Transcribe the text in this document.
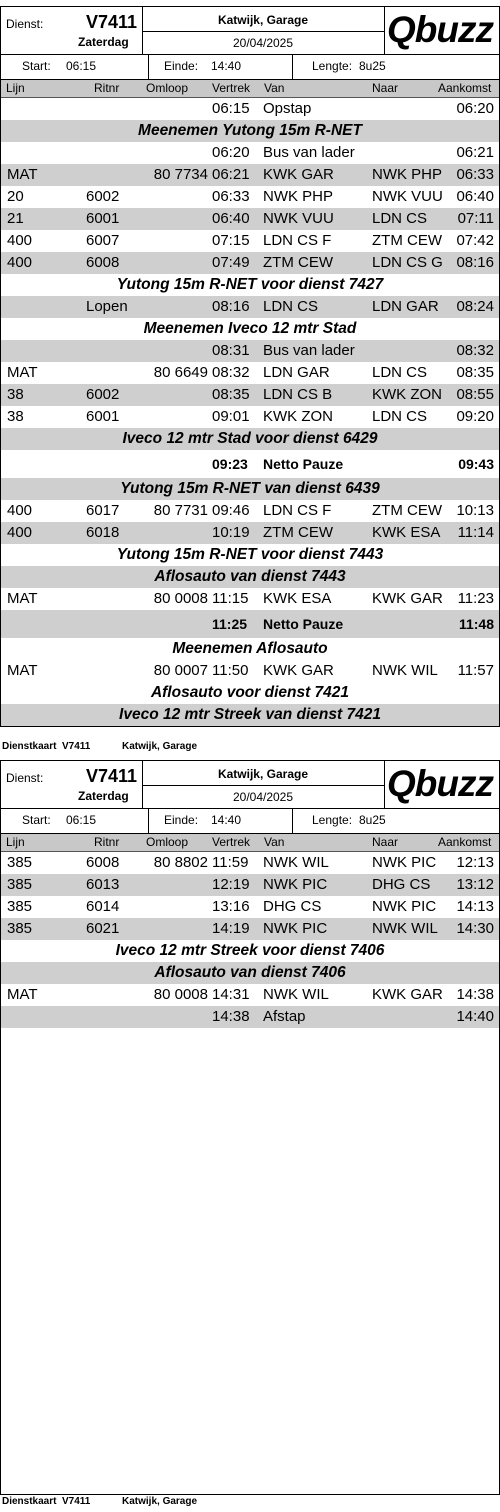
Dienst: V7411
Zaterdag
Katwijk, Garage
20/04/2025	Qbuzz
Start: 06:15	Einde: 14:40	Lengte: 8u25
Lijn	Ritnr Omloop Vertrek Van	Naar	Aankomst
06:15 Opstap	06:20
Meenemen Yutong 15m R-NET
06:20 Bus van lader	06:21
MAT	80 7734 06:21 KWK GAR	NWK PHP 06:33
20	6002	06:33 NWK PHP	NWK VUU 06:40
21	6001	06:40 NWK VUU	LDN CS 07:11
400	6007	07:15 LDN CS F	ZTM CEW 07:42
400	6008	07:49 ZTM CEW	LDN CS G 08:16
Yutong 15m R-NET voor dienst 7427
Lopen	08:16 LDN CS	LDN GAR 08:24
Meenemen Iveco 12 mtr Stad
08:31 Bus van lader	08:32
MAT	80 6649 08:32 LDN GAR	LDN CS 08:35
38	6002	08:35 LDN CS B	KWK ZON 08:55
38	6001	09:01 KWK ZON	LDN CS 09:20
Iveco 12 mtr Stad voor dienst 6429
09:23 Netto Pauze	09:43
Yutong 15m R-NET van dienst 6439
400	6017 80 7731 09:46 LDN CS F	ZTM CEW 10:13
400	6018	10:19 ZTM CEW	KWK ESA 11:14
Yutong 15m R-NET voor dienst 7443
Aflosauto van dienst 7443
MAT	80 0008 11:15 KWK ESA	KWK GAR 11:23
11:25 Netto Pauze	11:48
Meenemen Aflosauto
MAT	80 0007 11:50 KWK GAR	NWK WIL 11:57
Aflosauto voor dienst 7421
Iveco 12 mtr Streek van dienst 7421
Dienstkaart V7411	Katwijk, Garage
Dienst: V7411
Zaterdag
Katwijk, Garage
20/04/2025	Qbuzz
Start: 06:15	Einde: 14:40	Lengte: 8u25
Lijn	Ritnr Omloop Vertrek Van	Naar	Aankomst
385	6008 80 8802 11:59 NWK WIL	NWK PIC 12:13
385	6013	12:19 NWK PIC	DHG CS 13:12
385	6014	13:16 DHG CS	NWK PIC 14:13
385	6021	14:19 NWK PIC	NWK WIL 14:30
Iveco 12 mtr Streek voor dienst 7406
Aflosauto van dienst 7406
MAT	80 0008 14:31 NWK WIL	KWK GAR 14:38
14:38 Afstap	14:40
Dienstkaart V7411	Katwijk, Garage
